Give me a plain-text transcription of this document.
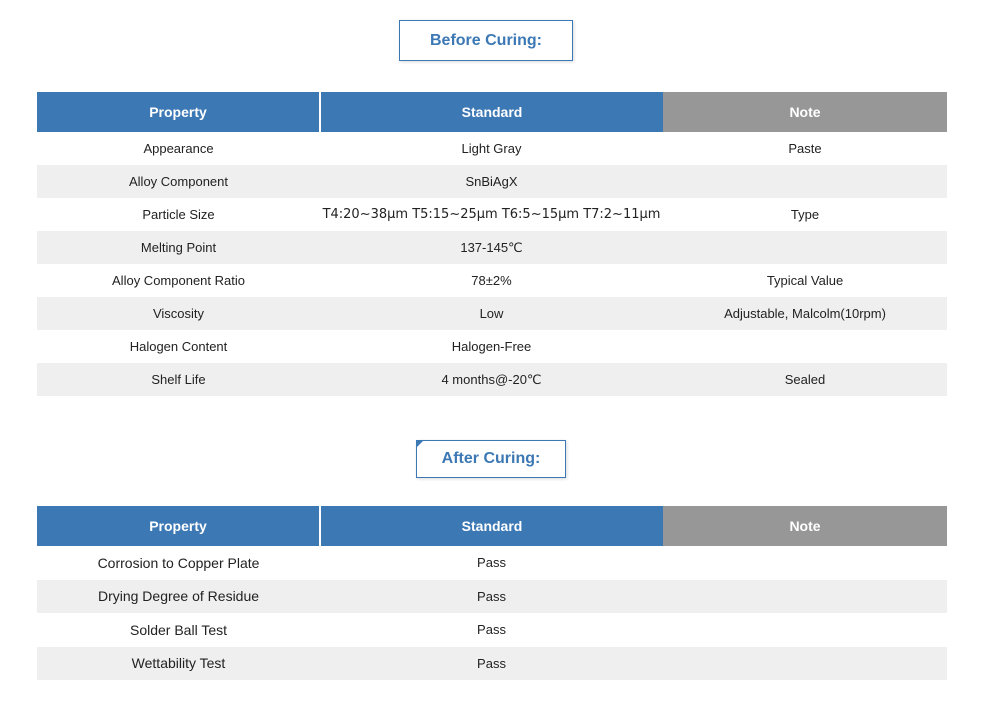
Before Curing:
Property	Standard	Note
Appearance	Light Gray	Paste
Alloy Component	SnBiAgX	
Particle Size	T4:20~38μm T5:15~25μm T6:5~15μm T7:2~11μm	Type
Melting Point	137-145℃	
Alloy Component Ratio	78±2%	Typical Value
Viscosity	Low	Adjustable, Malcolm(10rpm)
Halogen Content	Halogen-Free	
Shelf Life	4 months@-20℃	Sealed
After Curing:
Property	Standard	Note
Corrosion to Copper Plate	Pass	
Drying Degree of Residue	Pass	
Solder Ball Test	Pass	
Wettability Test	Pass	
